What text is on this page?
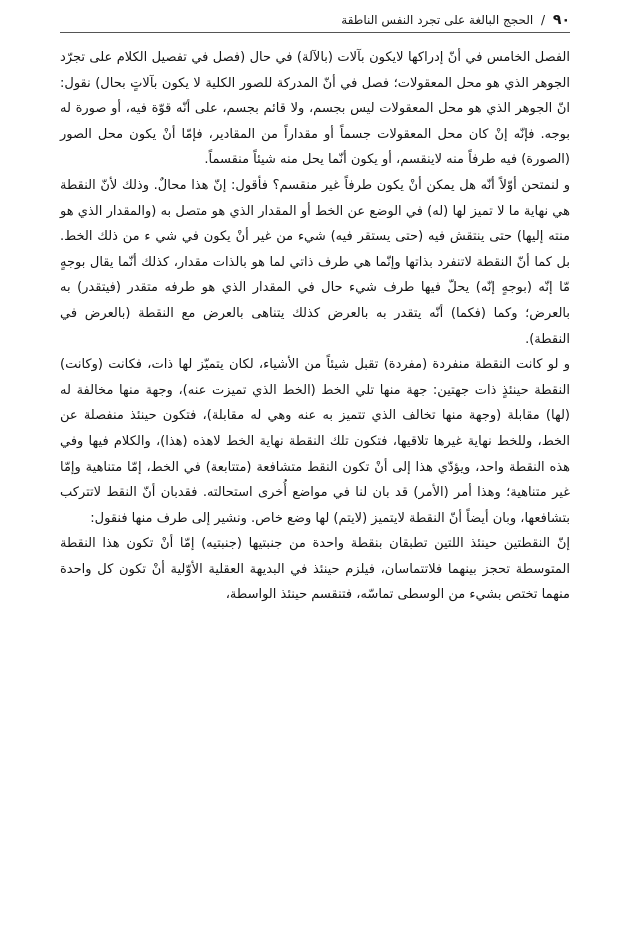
٩٠ / الحجج البالغة على تجرد النفس الناطقة

الفصل الخامس في أنّ إدراكها لايكون بآلات (بالآلة) في حال (فصل في تفصيل الكلام على تجرّد الجوهر الذي هو محل المعقولات؛ فصل في أنّ المدركة للصور الكلية لا يكون بآلاتٍ بحال) نقول: انّ الجوهر الذي هو محل المعقولات ليس بجسم، ولا قائم بجسم، على أنّه قوّة فيه، أو صورة له بوجه. فإنّه إنْ كان محل المعقولات جسماً أو مقداراً من المقادير، فإمّا أنْ يكون محل الصور (الصورة) فيه طرفاً منه لاينقسم، أو يكون أنّما يحل منه شيئاً منقسماً.

و لنمتحن أوّلاً أنّه هل يمكن أنْ يكون طرفاً غير منقسم؟ فأقول: إنّ هذا محالٌ. وذلك لأنّ النقطة هي نهاية ما لا تميز لها (له) في الوضع عن الخط أو المقدار الذي هو متصل به (والمقدار الذي هو منته إليها) حتى ينتقش فيه (حتى يستقر فيه) شيء من غير أنْ يكون في شي ء من ذلك الخط. بل كما أنّ النقطة لاتنفرد بذاتها وإنّما هي طرف ذاتي لما هو بالذات مقدار، كذلك أنّما يقال بوجهٍ مّا إنّه (بوجهٍ إنّه) يحلّ فيها طرف شيء حال في المقدار الذي هو طرفه متقدر (فيتقدر) به بالعرض؛ وكما (فكما) أنّه يتقدر به بالعرض كذلك يتناهى بالعرض مع النقطة (بالعرض في النقطة).

و لو كانت النقطة منفردة (مفردة) تقبل شيئاً من الأشياء، لكان يتميّز لها ذات، فكانت (وكانت) النقطة حينئذٍ ذات جهتين: جهة منها تلي الخط (الخط الذي تميزت عنه)، وجهة منها مخالفة له (لها) مقابلة (وجهة منها تخالف الذي تتميز به عنه وهي له مقابلة)، فتكون حينئذ منفصلة عن الخط، وللخط نهاية غيرها تلاقيها، فتكون تلك النقطة نهاية الخط لاهذه (هذا)، والكلام فيها وفي هذه النقطة واحد، ويؤدّي هذا إلى أنْ تكون النقط متشافعة (متتابعة) في الخط، إمّا متناهية وإمّا غير متناهية؛ وهذا أمر (الأمر) قد بان لنا في مواضع أُخرى استحالته. فقدبان أنّ النقط لاتتركب بتشافعها، وبان أيضاً أنّ النقطة لايتميز (لايتم) لها وضع خاص. ونشير إلى طرف منها فنقول:

إنّ النقطتين حينئذ اللتين تطبقان بنقطة واحدة من جنبتيها (جنبتيه) إمّا أنْ تكون هذا النقطة المتوسطة تحجز بينهما فلاتتماسان، فيلزم حينئذ في البديهة العقلية الأوّلية أنْ تكون كل واحدة منهما تختص بشيء من الوسطى تماسّه، فتنقسم حينئذ الواسطة،
